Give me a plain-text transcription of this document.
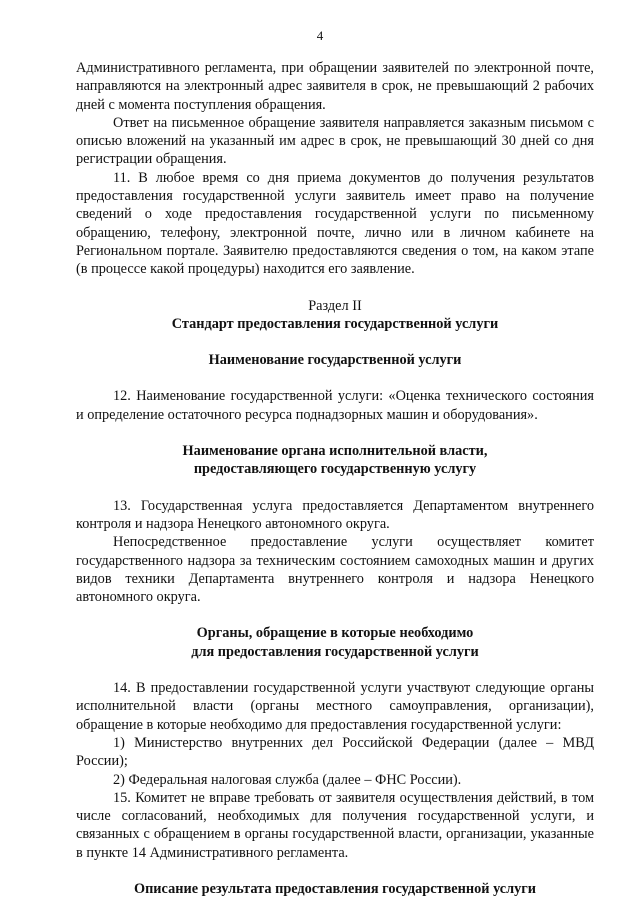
4

Административного регламента, при обращении заявителей по электронной почте, направляются на электронный адрес заявителя в срок, не превышающий 2 рабочих дней с момента поступления обращения.

Ответ на письменное обращение заявителя направляется заказным письмом с описью вложений на указанный им адрес в срок, не превышающий 30 дней со дня регистрации обращения.

11. В любое время со дня приема документов до получения результатов предоставления государственной услуги заявитель имеет право на получение сведений о ходе предоставления государственной услуги по письменному обращению, телефону, электронной почте, лично или в личном кабинете на Региональном портале. Заявителю предоставляются сведения о том, на каком этапе (в процессе какой процедуры) находится его заявление.

Раздел II
Стандарт предоставления государственной услуги
Наименование государственной услуги

12. Наименование государственной услуги: «Оценка технического состояния и определение остаточного ресурса поднадзорных машин и оборудования».

Наименование органа исполнительной власти,
предоставляющего государственную услугу

13. Государственная услуга предоставляется Департаментом внутреннего контроля и надзора Ненецкого автономного округа.

Непосредственное предоставление услуги осуществляет комитет государственного надзора за техническим состоянием самоходных машин и других видов техники Департамента внутреннего контроля и надзора Ненецкого автономного округа.

Органы, обращение в которые необходимо
для предоставления государственной услуги

14. В предоставлении государственной услуги участвуют следующие органы исполнительной власти (органы местного самоуправления, организации), обращение в которые необходимо для предоставления государственной услуги:

1) Министерство внутренних дел Российской Федерации (далее – МВД России);

2) Федеральная налоговая служба (далее – ФНС России).

15. Комитет не вправе требовать от заявителя осуществления действий, в том числе согласований, необходимых для получения государственной услуги, и связанных с обращением в органы государственной власти, организации, указанные в пункте 14 Административного регламента.

Описание результата предоставления государственной услуги
